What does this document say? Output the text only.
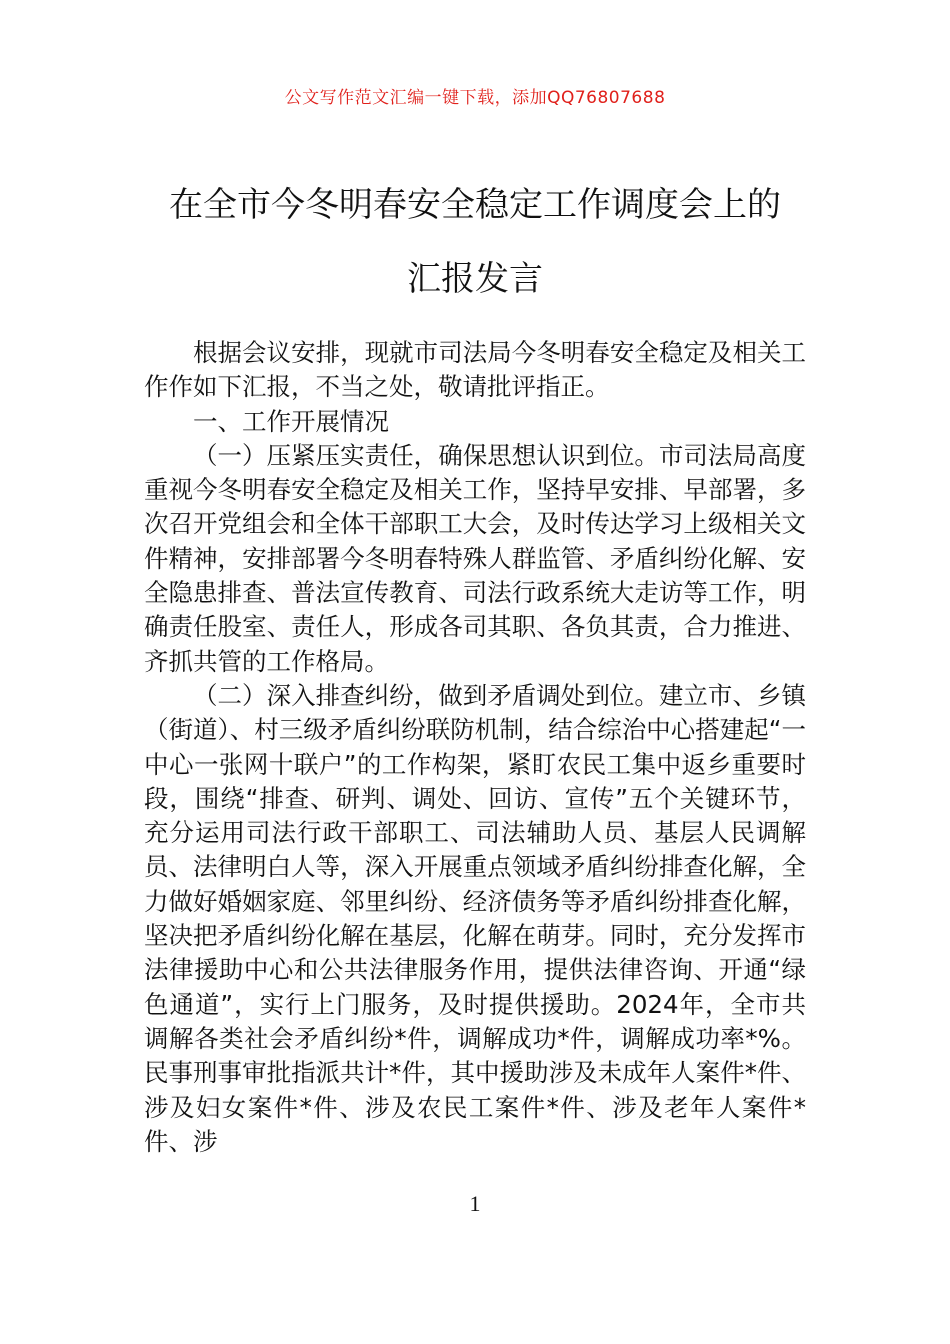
公文写作范文汇编一键下载，添加QQ76807688
在全市今冬明春安全稳定工作调度会上的
汇报发言

根据会议安排，现就市司法局今冬明春安全稳定及相关工作作如下汇报，不当之处，敬请批评指正。

一、工作开展情况

（一）压紧压实责任，确保思想认识到位。市司法局高度重视今冬明春安全稳定及相关工作，坚持早安排、早部署，多次召开党组会和全体干部职工大会，及时传达学习上级相关文件精神，安排部署今冬明春特殊人群监管、矛盾纠纷化解、安全隐患排查、普法宣传教育、司法行政系统大走访等工作，明确责任股室、责任人，形成各司其职、各负其责，合力推进、齐抓共管的工作格局。

（二）深入排查纠纷，做到矛盾调处到位。建立市、乡镇（街道）、村三级矛盾纠纷联防机制，结合综治中心搭建起“一中心一张网十联户”的工作构架，紧盯农民工集中返乡重要时段，围绕“排查、研判、调处、回访、宣传”五个关键环节，充分运用司法行政干部职工、司法辅助人员、基层人民调解员、法律明白人等，深入开展重点领域矛盾纠纷排查化解，全力做好婚姻家庭、邻里纠纷、经济债务等矛盾纠纷排查化解，坚决把矛盾纠纷化解在基层，化解在萌芽。同时，充分发挥市法律援助中心和公共法律服务作用，提供法律咨询、开通“绿色通道”，实行上门服务，及时提供援助。2024年，全市共调解各类社会矛盾纠纷*件，调解成功*件，调解成功率*%。民事刑事审批指派共计*件，其中援助涉及未成年人案件*件、涉及妇女案件*件、涉及农民工案件*件、涉及老年人案件*件、涉

1
